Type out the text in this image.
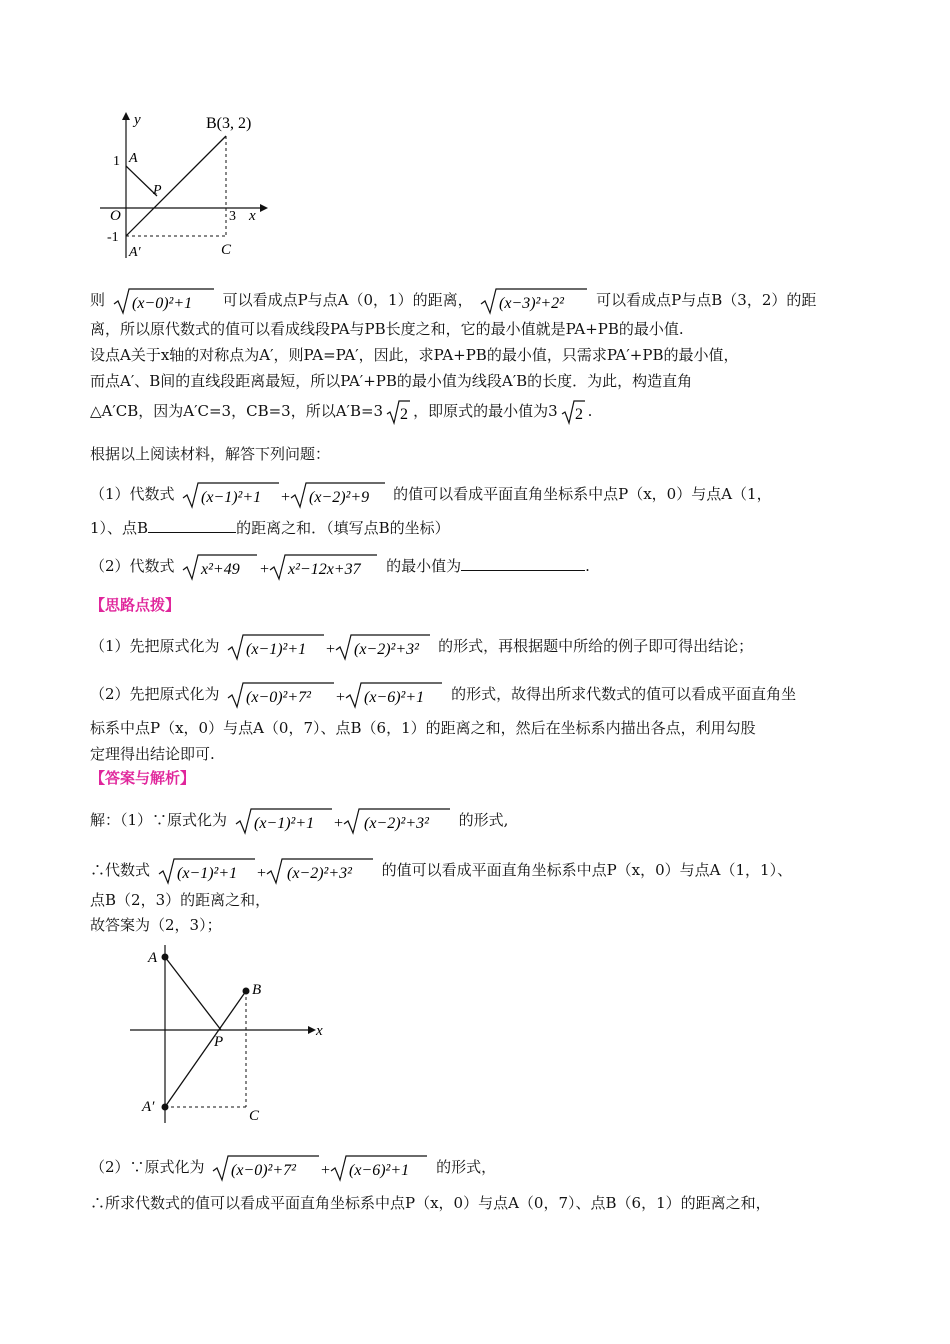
y	B(3, 2)
1 A
P
O	3 x
-1
A′	C
则 (x−0)²+1 可以看成点P与点A（0，1）的距离， (x−3)²+2² 可以看成点P与点B（3，2）的距
离，所以原代数式的值可以看成线段PA与PB长度之和，它的最小值就是PA+PB的最小值.
设点A关于x轴的对称点为A′，则PA=PA′，因此，求PA+PB的最小值，只需求PA′+PB的最小值，
而点A′、B间的直线段距离最短，所以PA′+PB的最小值为线段A′B的长度．为此，构造直角
△A′CB，因为A′C=3，CB=3，所以A′B=3 2 ，即原式的最小值为3 2 .
根据以上阅读材料，解答下列问题：
（1）代数式 (x−1)²+1 + (x−2)²+9 的值可以看成平面直角坐标系中点P（x，0）与点A（1，
1）、点B	的距离之和．（填写点B的坐标）
（2）代数式 x²+49 + x²−12x+37 的最小值为	.
【思路点拨】
（1）先把原式化为 (x−1)²+1 + (x−2)²+3² 的形式，再根据题中所给的例子即可得出结论；
（2）先把原式化为 (x−0)²+7² + (x−6)²+1 的形式，故得出所求代数式的值可以看成平面直角坐
标系中点P（x，0）与点A（0，7）、点B（6，1）的距离之和，然后在坐标系内描出各点，利用勾股
定理得出结论即可.
【答案与解析】
解：（1）∵原式化为 (x−1)²+1 + (x−2)²+3² 的形式,
∴代数式 (x−1)²+1 + (x−2)²+3² 的值可以看成平面直角坐标系中点P（x，0）与点A（1，1）、
点B（2，3）的距离之和，
故答案为（2，3）；
A
B
x
P
A′
C
（2）∵原式化为 (x−0)²+7² + (x−6)²+1 的形式，
∴所求代数式的值可以看成平面直角坐标系中点P（x，0）与点A（0，7）、点B（6，1）的距离之和，
